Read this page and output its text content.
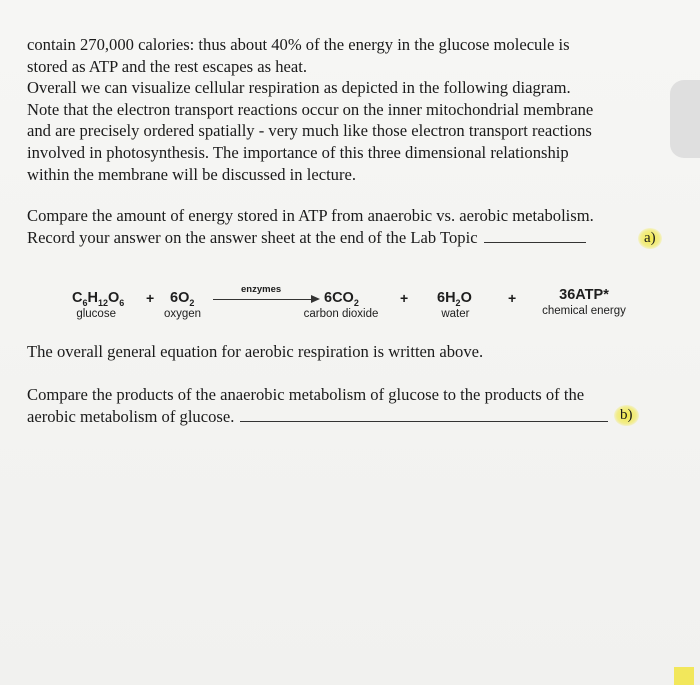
contain 270,000 calories: thus about 40% of the energy in the glucose molecule is
stored as ATP and the rest escapes as heat.
Overall we can visualize cellular respiration as depicted in the following diagram.
Note that the electron transport reactions occur on the inner mitochondrial membrane
and are precisely ordered spatially - very much like those electron transport reactions
involved in photosynthesis. The importance of this three dimensional relationship
within the membrane will be discussed in lecture.
Compare the amount of energy stored in ATP from anaerobic vs. aerobic metabolism.
Record your answer on the answer sheet at the end of the Lab Topic	a)
$C_6H_{12}O_6$
glucose
+ $6O_2$
oxygen
enzymes
$6CO_2$
carbon dioxide
+ $6H_2O$
water
+	36ATP*
chemical energy
The overall general equation for aerobic respiration is written above.
Compare the products of the anaerobic metabolism of glucose to the products of the
aerobic metabolism of glucose.	b)
